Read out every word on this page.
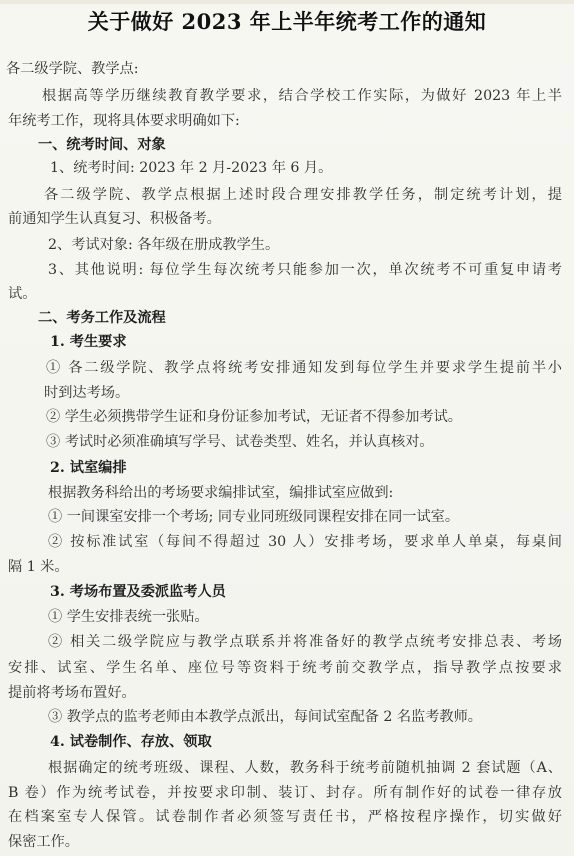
关于做好 2023 年上半年统考工作的通知
各二级学院、教学点:
根据高等学历继续教育教学要求，结合学校工作实际，为做好 2023 年上半
年统考工作，现将具体要求明确如下:
一、统考时间、对象
1、统考时间: 2023 年 2 月-2023 年 6 月。
各二级学院、教学点根据上述时段合理安排教学任务，制定统考计划，提
前通知学生认真复习、积极备考。
2、考试对象: 各年级在册成教学生。
3、其他说明: 每位学生每次统考只能参加一次，单次统考不可重复申请考
试。
二、考务工作及流程
1. 考生要求
① 各二级学院、教学点将统考安排通知发到每位学生并要求学生提前半小
时到达考场。
② 学生必须携带学生证和身份证参加考试，无证者不得参加考试。
③ 考试时必须准确填写学号、试卷类型、姓名，并认真核对。
2. 试室编排
根据教务科给出的考场要求编排试室，编排试室应做到:
① 一间课室安排一个考场; 同专业同班级同课程安排在同一试室。
② 按标准试室（每间不得超过 30 人）安排考场，要求单人单桌，每桌间
隔 1 米。
3. 考场布置及委派监考人员
① 学生安排表统一张贴。
② 相关二级学院应与教学点联系并将准备好的教学点统考安排总表、考场
安排、试室、学生名单、座位号等资料于统考前交教学点，指导教学点按要求
提前将考场布置好。
③ 教学点的监考老师由本教学点派出，每间试室配备 2 名监考教师。
4. 试卷制作、存放、领取
根据确定的统考班级、课程、人数，教务科于统考前随机抽调 2 套试题（A、
B 卷）作为统考试卷，并按要求印制、装订、封存。所有制作好的试卷一律存放
在档案室专人保管。试卷制作者必须签写责任书，严格按程序操作，切实做好
保密工作。
